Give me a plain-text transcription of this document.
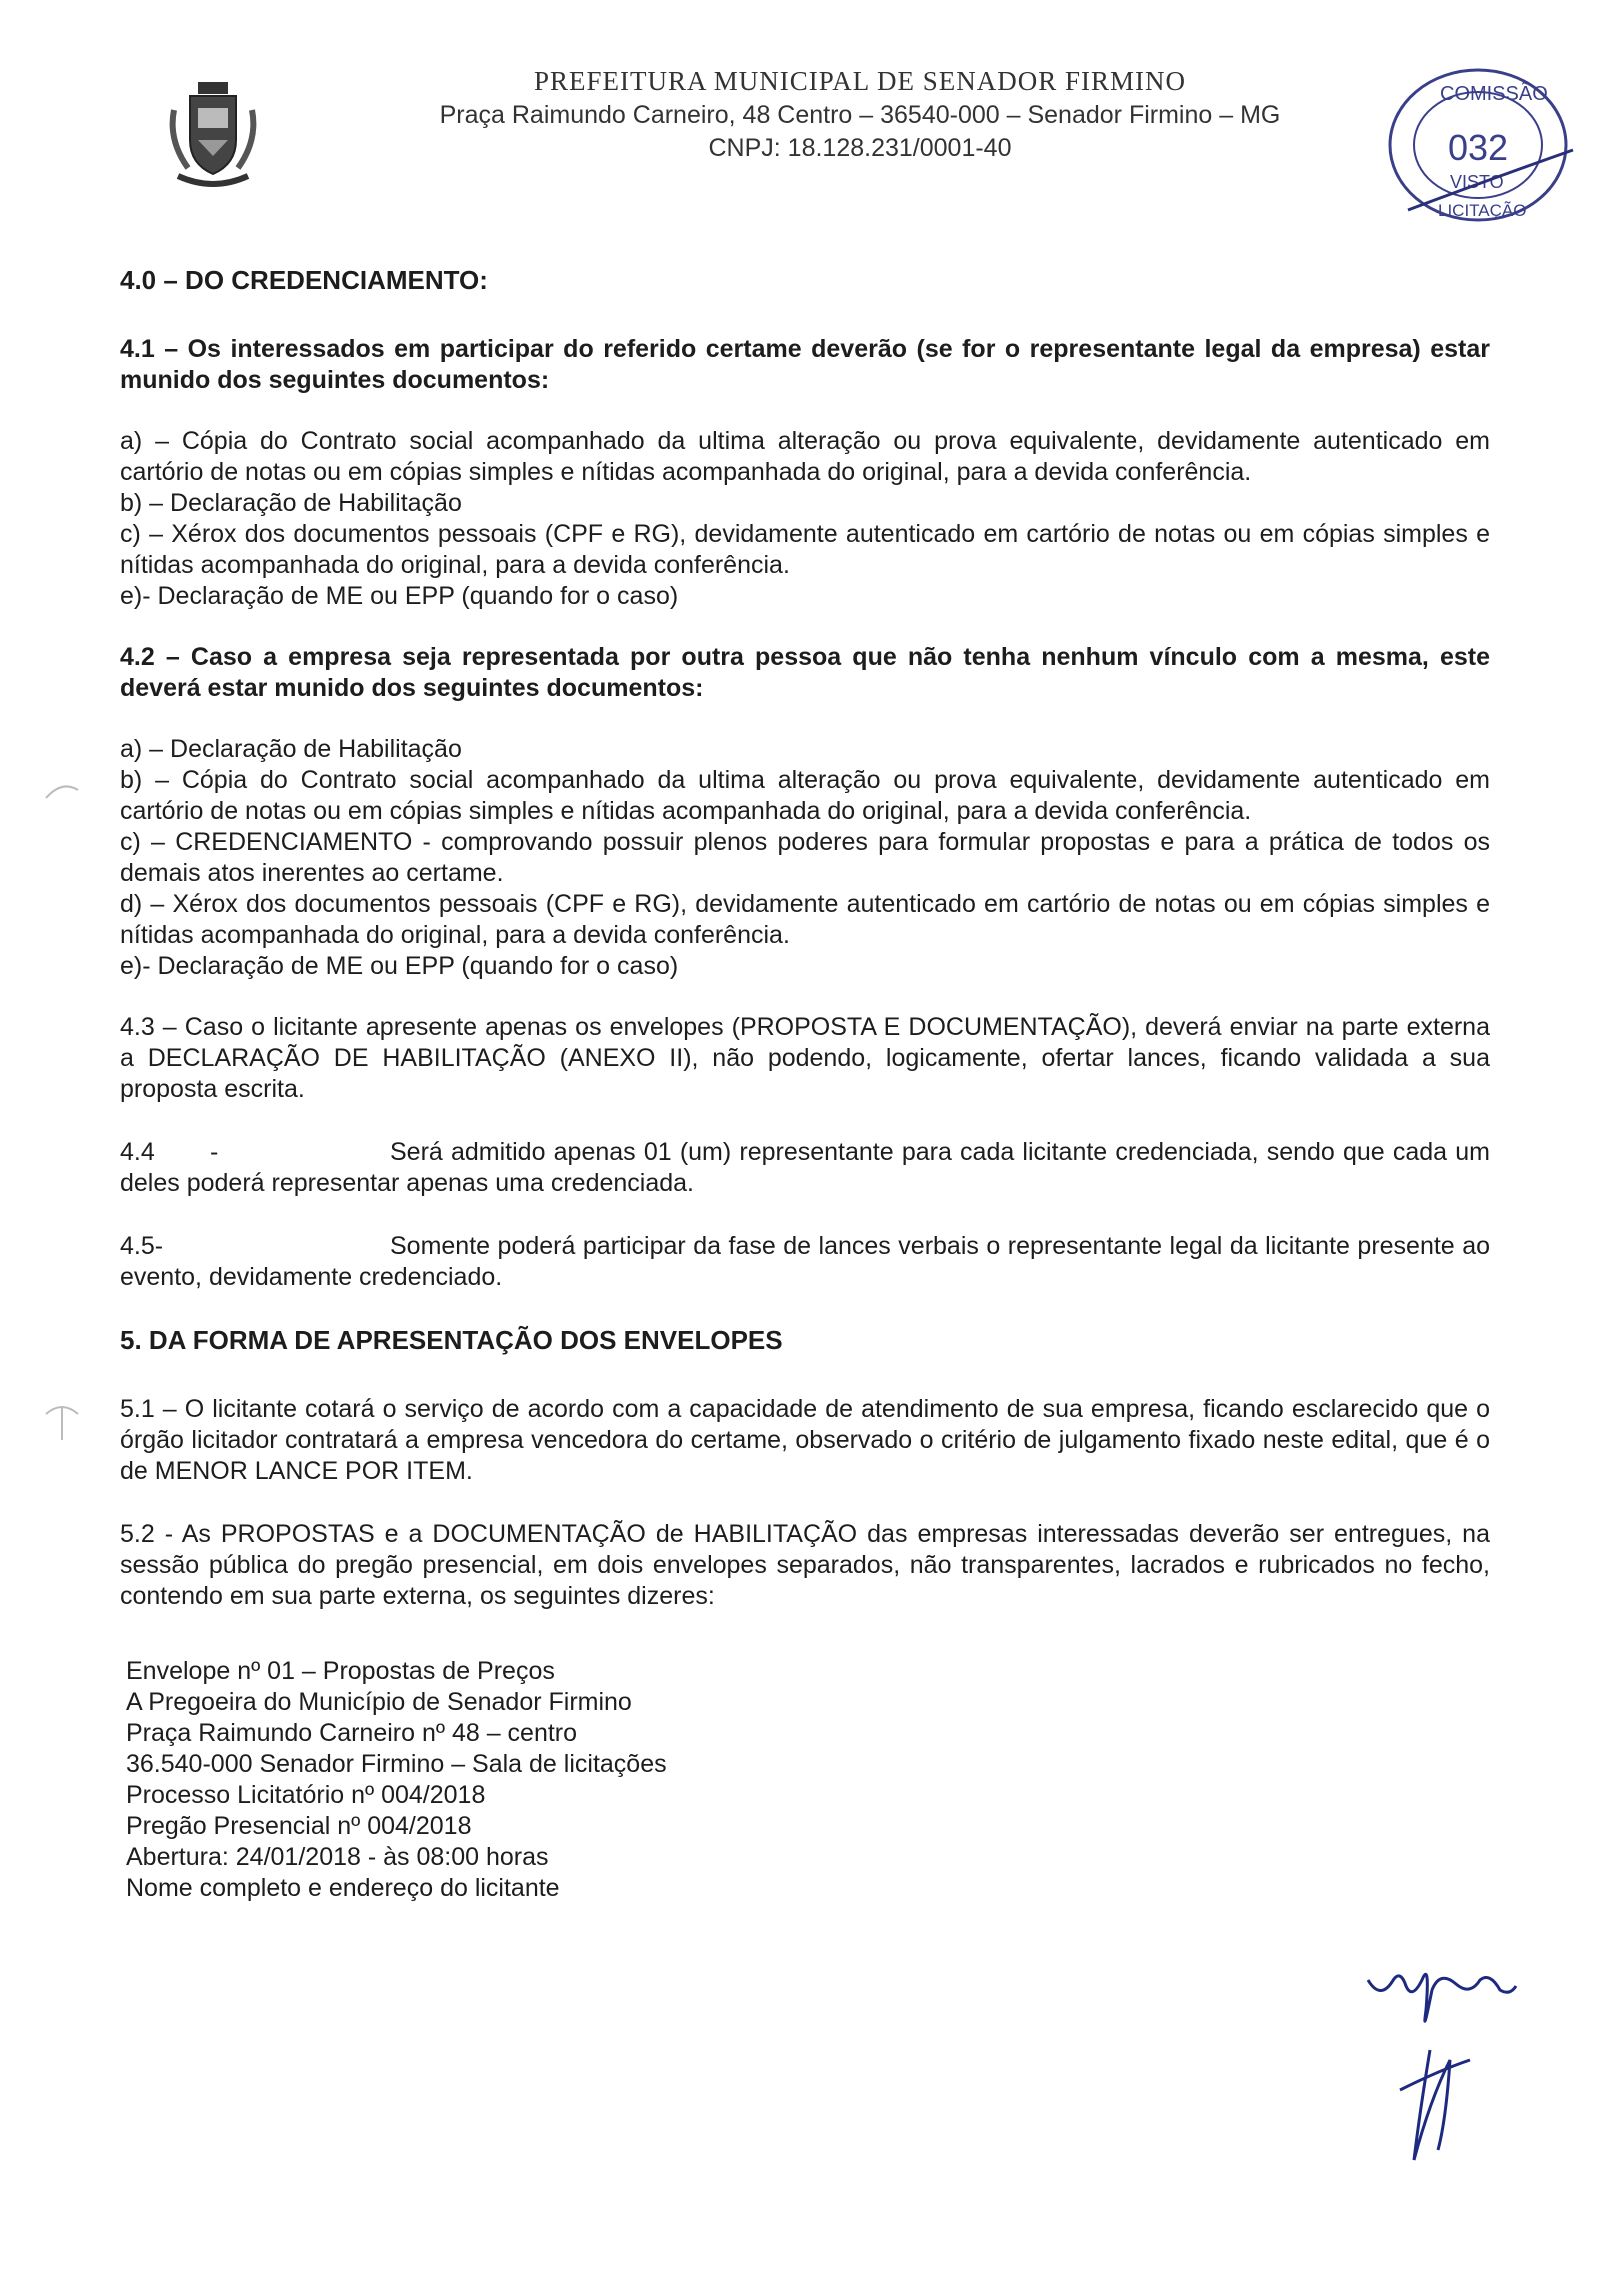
PREFEITURA MUNICIPAL DE SENADOR FIRMINO
Praça Raimundo Carneiro, 48 Centro – 36540-000 – Senador Firmino – MG
CNPJ: 18.128.231/0001-40
COMISSÃO
032
VISTO
LICITAÇÃO
4.0 – DO CREDENCIAMENTO:
4.1 – Os interessados em participar do referido certame deverão (se for o representante legal da empresa) estar munido dos seguintes documentos:

a) – Cópia do Contrato social acompanhado da ultima alteração ou prova equivalente, devidamente autenticado em cartório de notas ou em cópias simples e nítidas acompanhada do original, para a devida conferência.

b) – Declaração de Habilitação

c) – Xérox dos documentos pessoais (CPF e RG), devidamente autenticado em cartório de notas ou em cópias simples e nítidas acompanhada do original, para a devida conferência.

e)- Declaração de ME ou EPP (quando for o caso)

4.2 – Caso a empresa seja representada por outra pessoa que não tenha nenhum vínculo com a mesma, este deverá estar munido dos seguintes documentos:

a) – Declaração de Habilitação

b) – Cópia do Contrato social acompanhado da ultima alteração ou prova equivalente, devidamente autenticado em cartório de notas ou em cópias simples e nítidas acompanhada do original, para a devida conferência.

c) – CREDENCIAMENTO - comprovando possuir plenos poderes para formular propostas e para a prática de todos os demais atos inerentes ao certame.

d) – Xérox dos documentos pessoais (CPF e RG), devidamente autenticado em cartório de notas ou em cópias simples e nítidas acompanhada do original, para a devida conferência.

e)- Declaração de ME ou EPP (quando for o caso)

4.3 – Caso o licitante apresente apenas os envelopes (PROPOSTA E DOCUMENTAÇÃO), deverá enviar na parte externa a DECLARAÇÃO DE HABILITAÇÃO (ANEXO II), não podendo, logicamente, ofertar lances, ficando validada a sua proposta escrita.
4.4	-	Será admitido apenas 01 (um) representante para cada licitante credenciada, sendo que cada um deles poderá representar apenas uma credenciada.
4.5-	Somente poderá participar da fase de lances verbais o representante legal da licitante presente ao evento, devidamente credenciado.
5. DA FORMA DE APRESENTAÇÃO DOS ENVELOPES
5.1 – O licitante cotará o serviço de acordo com a capacidade de atendimento de sua empresa, ficando esclarecido que o órgão licitador contratará a empresa vencedora do certame, observado o critério de julgamento fixado neste edital, que é o de MENOR LANCE POR ITEM.
5.2 - As PROPOSTAS e a DOCUMENTAÇÃO de HABILITAÇÃO das empresas interessadas deverão ser entregues, na sessão pública do pregão presencial, em dois envelopes separados, não transparentes, lacrados e rubricados no fecho, contendo em sua parte externa, os seguintes dizeres:

Envelope nº 01 – Propostas de Preços

A Pregoeira do Município de Senador Firmino

Praça Raimundo Carneiro nº 48 – centro

36.540-000 Senador Firmino – Sala de licitações

Processo Licitatório nº 004/2018

Pregão Presencial nº 004/2018

Abertura: 24/01/2018 - às 08:00 horas

Nome completo e endereço do licitante
